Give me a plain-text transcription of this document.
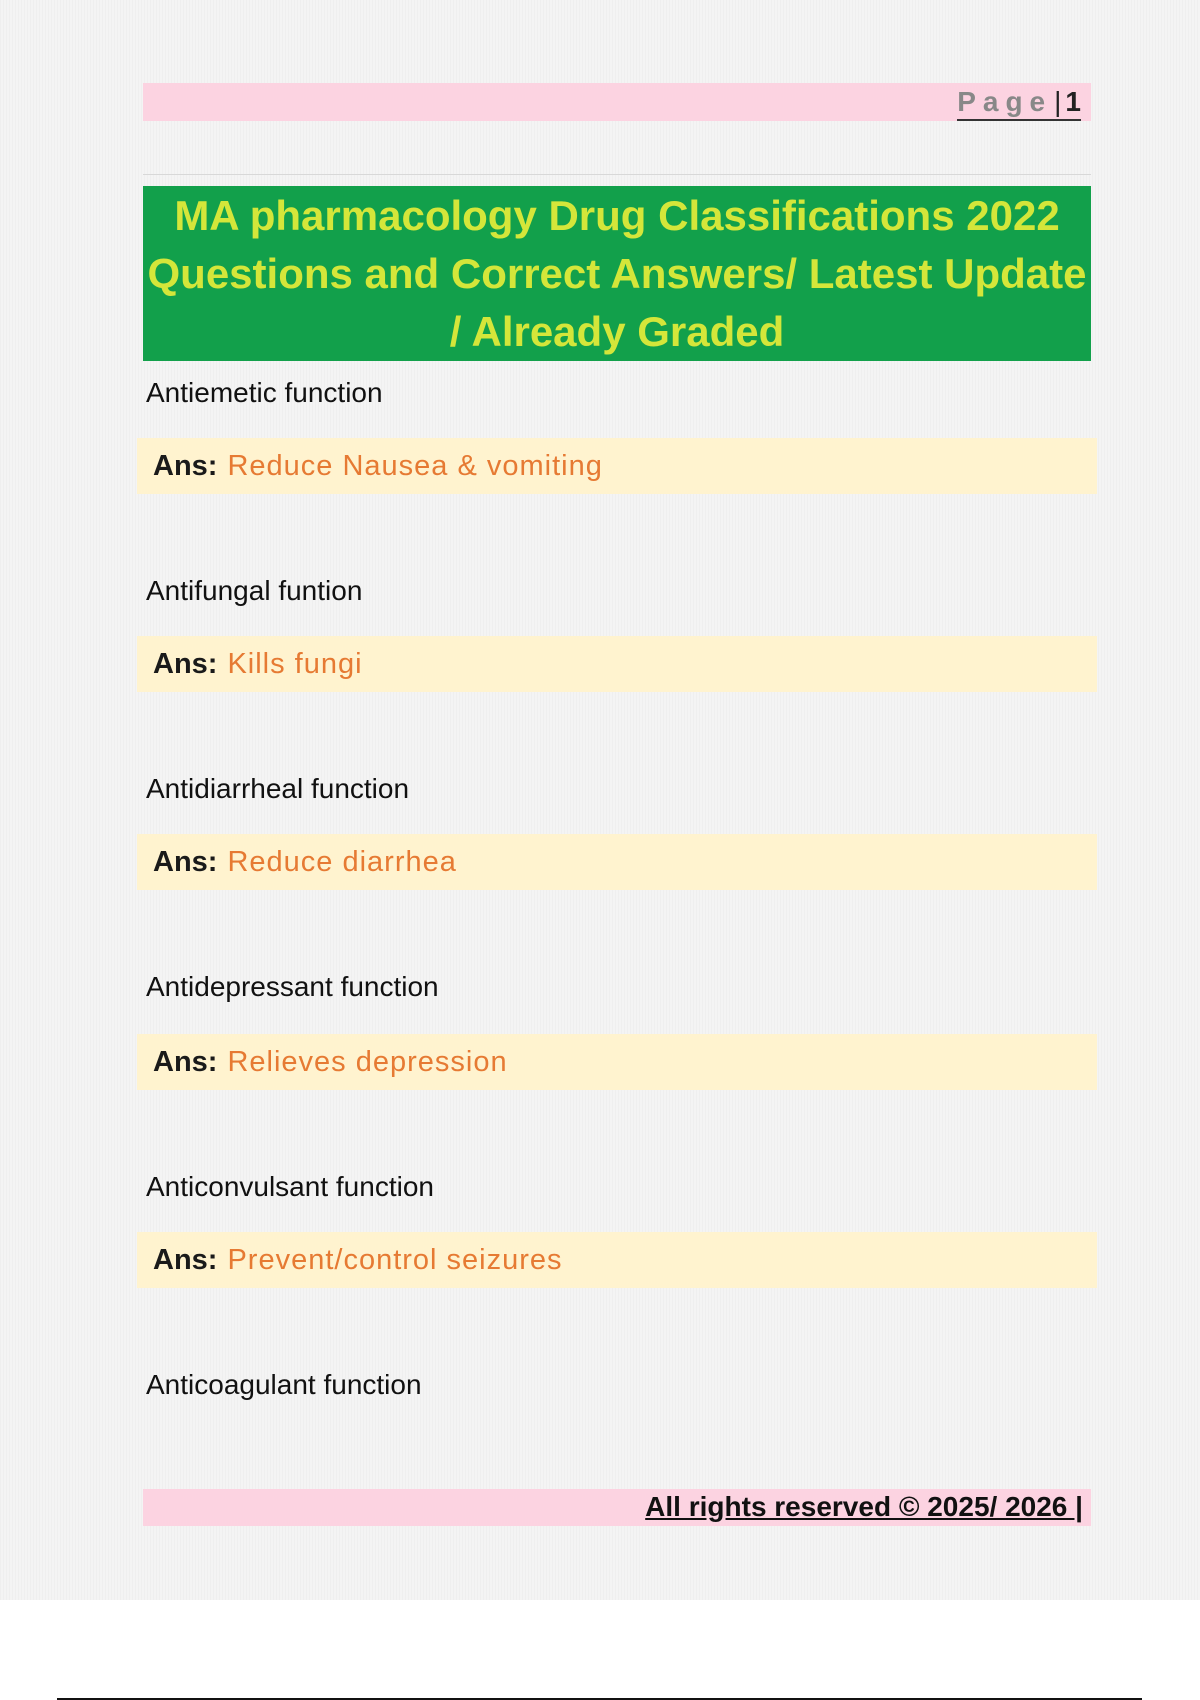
Page| 1
MA pharmacology Drug Classifications 2022 Questions and Correct Answers/ Latest Update / Already Graded

Antiemetic function

Ans: Reduce Nausea & vomiting

Antifungal funtion

Ans: Kills fungi

Antidiarrheal function

Ans: Reduce diarrhea

Antidepressant function

Ans: Relieves depression

Anticonvulsant function

Ans: Prevent/control seizures

Anticoagulant function

All rights reserved © 2025/ 2026 |
